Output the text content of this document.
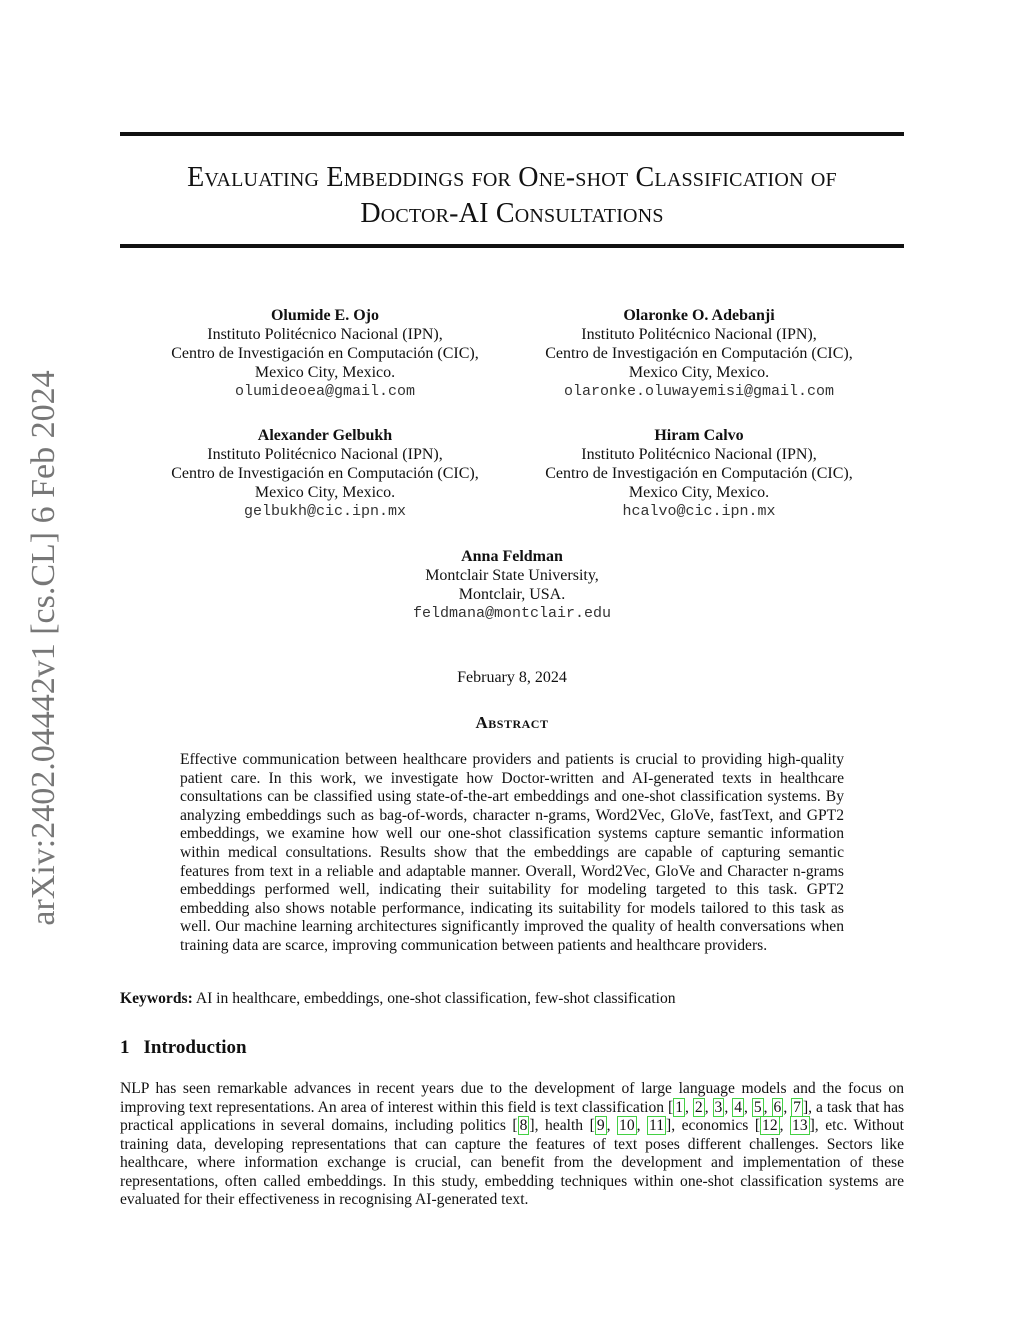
arXiv:2402.04442v1 [cs.CL] 6 Feb 2024
Evaluating Embeddings for One-shot Classification of
Doctor-AI Consultations
Olumide E. Ojo
Instituto Politécnico Nacional (IPN),
Centro de Investigación en Computación (CIC),
Mexico City, Mexico.
olumideoea@gmail.com
Olaronke O. Adebanji
Instituto Politécnico Nacional (IPN),
Centro de Investigación en Computación (CIC),
Mexico City, Mexico.
olaronke.oluwayemisi@gmail.com
Alexander Gelbukh
Instituto Politécnico Nacional (IPN),
Centro de Investigación en Computación (CIC),
Mexico City, Mexico.
gelbukh@cic.ipn.mx
Hiram Calvo
Instituto Politécnico Nacional (IPN),
Centro de Investigación en Computación (CIC),
Mexico City, Mexico.
hcalvo@cic.ipn.mx
Anna Feldman
Montclair State University,
Montclair, USA.
feldmana@montclair.edu
February 8, 2024
Abstract
Effective communication between healthcare providers and patients is crucial to providing high-quality patient care. In this work, we investigate how Doctor-written and AI-generated texts in healthcare consultations can be classified using state-of-the-art embeddings and one-shot classification systems. By analyzing embeddings such as bag-of-words, character n-grams, Word2Vec, GloVe, fastText, and GPT2 embeddings, we examine how well our one-shot classification systems capture semantic information within medical consultations. Results show that the embeddings are capable of capturing semantic features from text in a reliable and adaptable manner. Overall, Word2Vec, GloVe and Character n-grams embeddings performed well, indicating their suitability for modeling targeted to this task. GPT2 embedding also shows notable performance, indicating its suitability for models tailored to this task as well. Our machine learning architectures significantly improved the quality of health conversations when training data are scarce, improving communication between patients and healthcare providers.
Keywords: AI in healthcare, embeddings, one-shot classification, few-shot classification
1 Introduction
NLP has seen remarkable advances in recent years due to the development of large language models and the focus on improving text representations. An area of interest within this field is text classification [ 1 , 2 , 3 , 4 , 5 , 6 , 7 ], a task that has practical applications in several domains, including politics [ 8 ], health [ 9 , 10 , 11 ], economics [ 12 , 13 ], etc. Without training data, developing representations that can capture the features of text poses different challenges. Sectors like healthcare, where information exchange is crucial, can benefit from the development and implementation of these representations, often called embeddings. In this study, embedding techniques within one-shot classification systems are evaluated for their effectiveness in recognising AI-generated text.
